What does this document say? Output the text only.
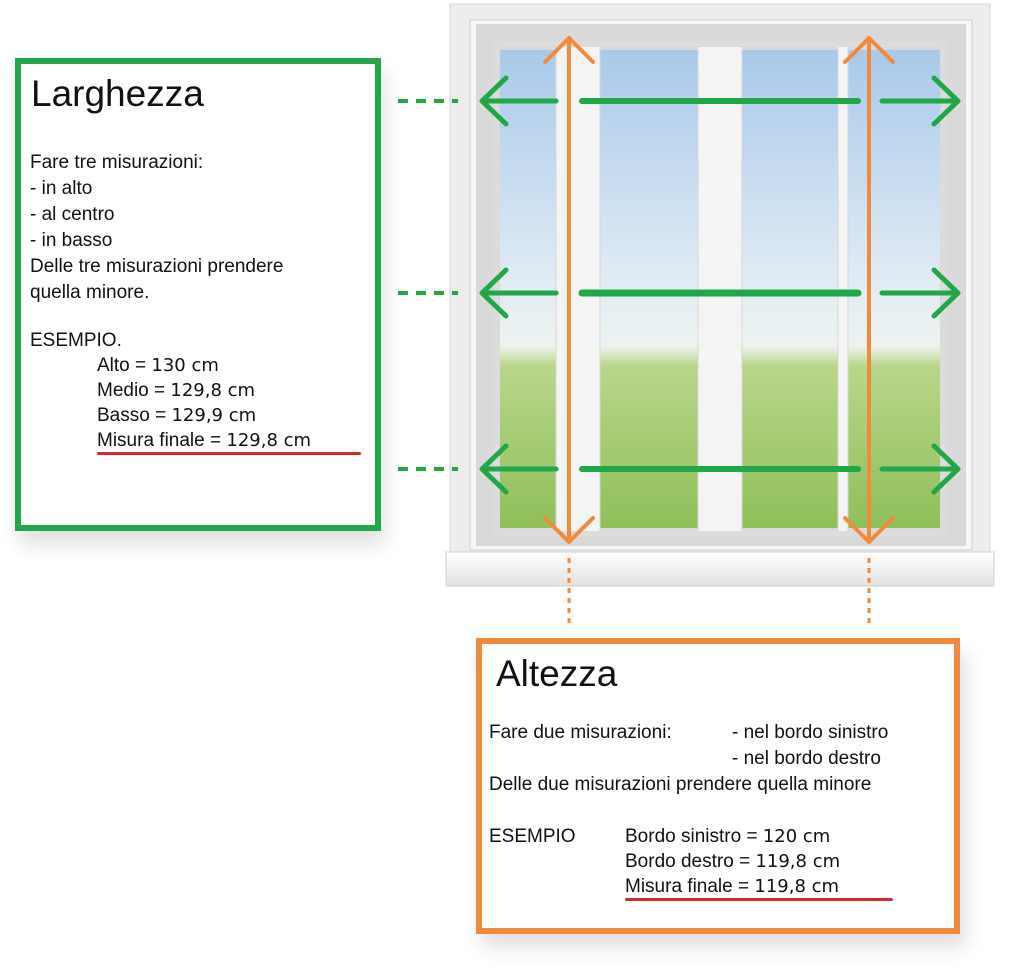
Larghezza
Fare tre misurazioni:
- in alto
- al centro
- in basso
Delle tre misurazioni prendere
quella minore.
ESEMPIO.
Alto = 130 cm
Medio = 129,8 cm
Basso = 129,9 cm
Misura finale = 129,8 cm
Altezza
Fare due misurazioni:	- nel bordo sinistro
- nel bordo destro
Delle due misurazioni prendere quella minore
ESEMPIO	Bordo sinistro = 120 cm
Bordo destro = 119,8 cm
Misura finale = 119,8 cm
